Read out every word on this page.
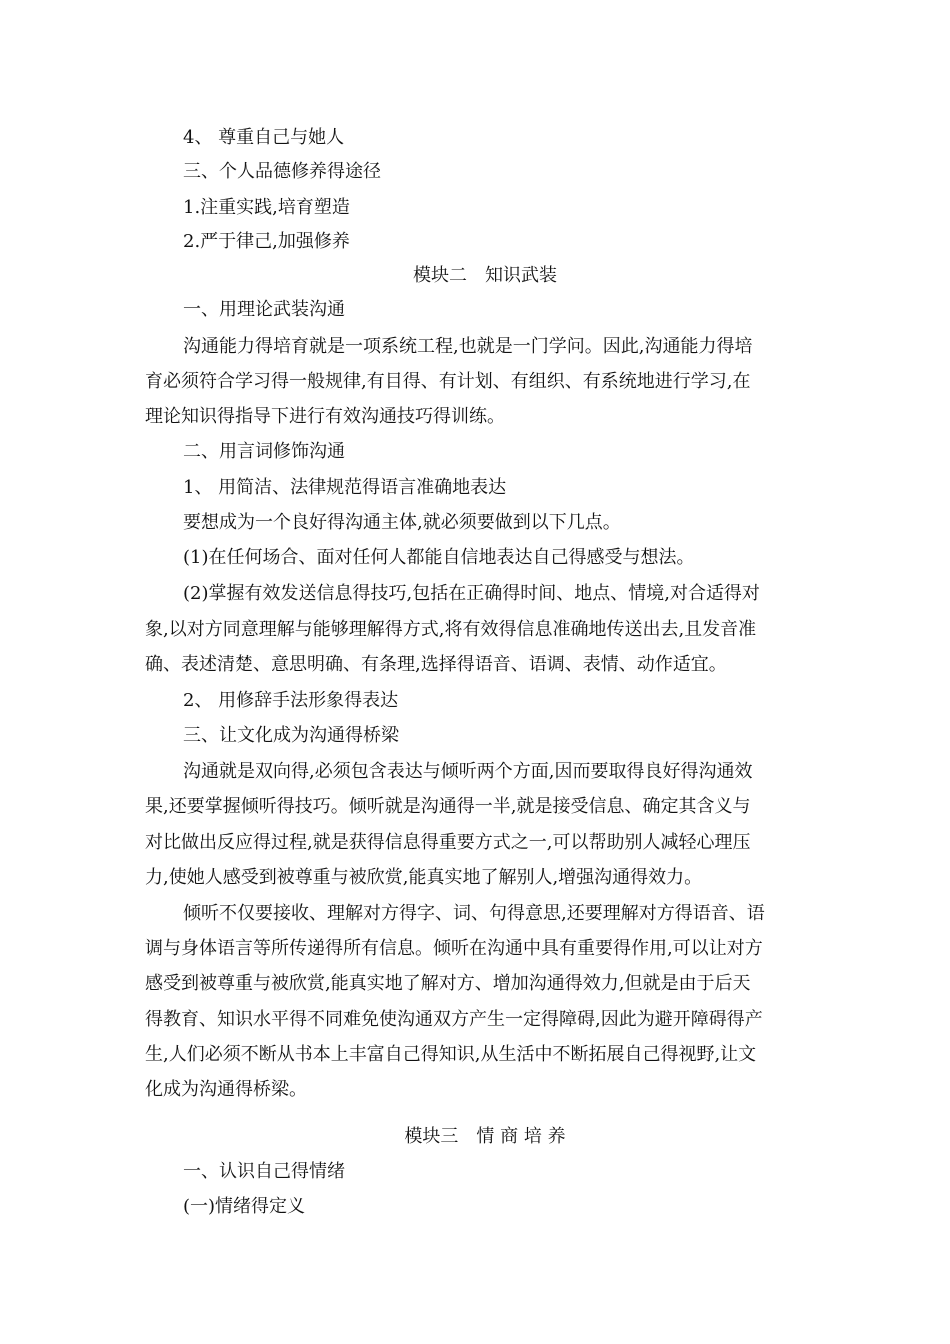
4、 尊重自己与她人
三、个人品德修养得途径
1.注重实践,培育塑造
2.严于律己,加强修养
模块二　知识武装
一、用理论武装沟通
沟通能力得培育就是一项系统工程,也就是一门学问。因此,沟通能力得培
育必须符合学习得一般规律,有目得、有计划、有组织、有系统地进行学习,在
理论知识得指导下进行有效沟通技巧得训练。
二、用言词修饰沟通
1、 用简洁、法律规范得语言准确地表达
要想成为一个良好得沟通主体,就必须要做到以下几点。
(1)在任何场合、面对任何人都能自信地表达自己得感受与想法。
(2)掌握有效发送信息得技巧,包括在正确得时间、地点、情境,对合适得对
象,以对方同意理解与能够理解得方式,将有效得信息准确地传送出去,且发音准
确、表述清楚、意思明确、有条理,选择得语音、语调、表情、动作适宜。
2、 用修辞手法形象得表达
三、让文化成为沟通得桥梁
沟通就是双向得,必须包含表达与倾听两个方面,因而要取得良好得沟通效
果,还要掌握倾听得技巧。倾听就是沟通得一半,就是接受信息、确定其含义与
对比做出反应得过程,就是获得信息得重要方式之一,可以帮助别人减轻心理压
力,使她人感受到被尊重与被欣赏,能真实地了解别人,增强沟通得效力。
倾听不仅要接收、理解对方得字、词、句得意思,还要理解对方得语音、语
调与身体语言等所传递得所有信息。倾听在沟通中具有重要得作用,可以让对方
感受到被尊重与被欣赏,能真实地了解对方、增加沟通得效力,但就是由于后天
得教育、知识水平得不同难免使沟通双方产生一定得障碍,因此为避开障碍得产
生,人们必须不断从书本上丰富自己得知识,从生活中不断拓展自己得视野,让文
化成为沟通得桥梁。
模块三　情 商 培 养
一、认识自己得情绪
(一)情绪得定义
